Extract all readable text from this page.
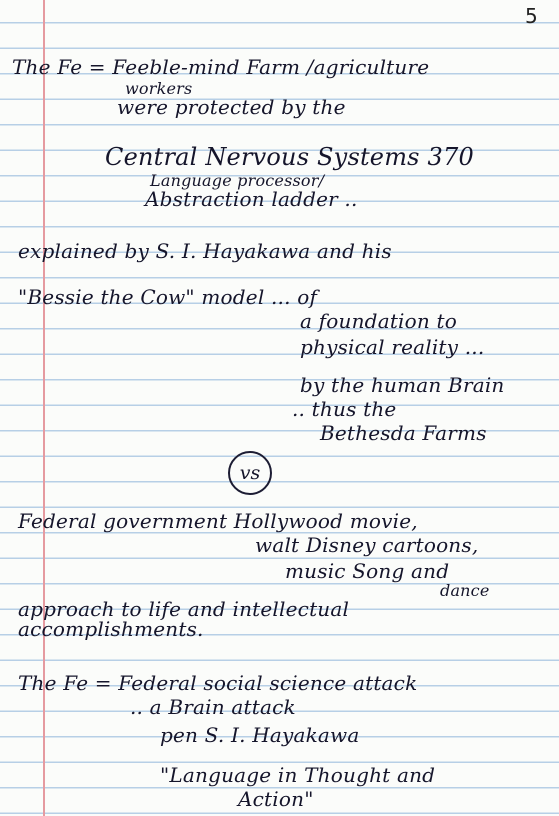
5
The Fe = Feeble-mind Farm /agriculture
workers
were protected by the
Central Nervous Systems 370
Language processor/
Abstraction ladder ..
explained by S. I. Hayakawa and his
"Bessie the Cow" model ... of
a foundation to
physical reality ...
by the human Brain
.. thus the
Bethesda Farms
vs
Federal government Hollywood movie,
walt Disney cartoons,
music Song and
dance
approach to life and intellectual
accomplishments.
The Fe = Federal social science attack
.. a Brain attack
pen S. I. Hayakawa
"Language in Thought and
Action"
